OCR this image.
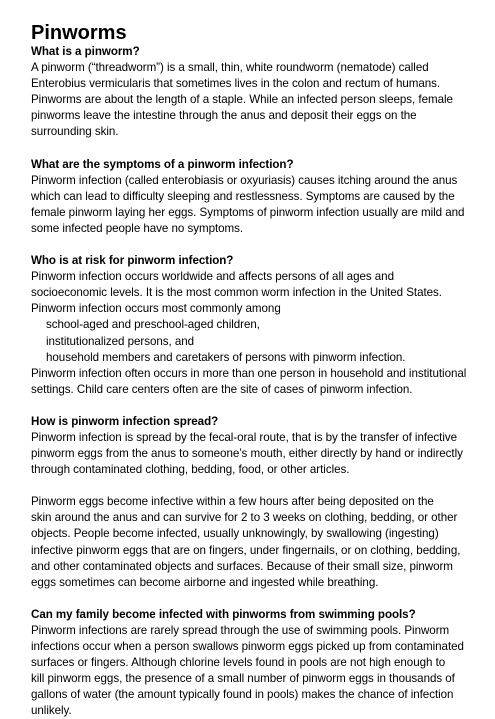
Pinworms

What is a pinworm?

A pinworm (“threadworm”) is a small, thin, white roundworm (nematode) called

Enterobius vermicularis that sometimes lives in the colon and rectum of humans.

Pinworms are about the length of a staple. While an infected person sleeps, female

pinworms leave the intestine through the anus and deposit their eggs on the

surrounding skin.

What are the symptoms of a pinworm infection?

Pinworm infection (called enterobiasis or oxyuriasis) causes itching around the anus

which can lead to difficulty sleeping and restlessness. Symptoms are caused by the

female pinworm laying her eggs. Symptoms of pinworm infection usually are mild and

some infected people have no symptoms.

Who is at risk for pinworm infection?

Pinworm infection occurs worldwide and affects persons of all ages and

socioeconomic levels. It is the most common worm infection in the United States.

Pinworm infection occurs most commonly among

school-aged and preschool-aged children,

institutionalized persons, and

household members and caretakers of persons with pinworm infection.

Pinworm infection often occurs in more than one person in household and institutional

settings. Child care centers often are the site of cases of pinworm infection.

How is pinworm infection spread?

Pinworm infection is spread by the fecal-oral route, that is by the transfer of infective

pinworm eggs from the anus to someone’s mouth, either directly by hand or indirectly

through contaminated clothing, bedding, food, or other articles.

Pinworm eggs become infective within a few hours after being deposited on the

skin around the anus and can survive for 2 to 3 weeks on clothing, bedding, or other

objects. People become infected, usually unknowingly, by swallowing (ingesting)

infective pinworm eggs that are on fingers, under fingernails, or on clothing, bedding,

and other contaminated objects and surfaces. Because of their small size, pinworm

eggs sometimes can become airborne and ingested while breathing.

Can my family become infected with pinworms from swimming pools?

Pinworm infections are rarely spread through the use of swimming pools. Pinworm

infections occur when a person swallows pinworm eggs picked up from contaminated

surfaces or fingers. Although chlorine levels found in pools are not high enough to

kill pinworm eggs, the presence of a small number of pinworm eggs in thousands of

gallons of water (the amount typically found in pools) makes the chance of infection

unlikely.
